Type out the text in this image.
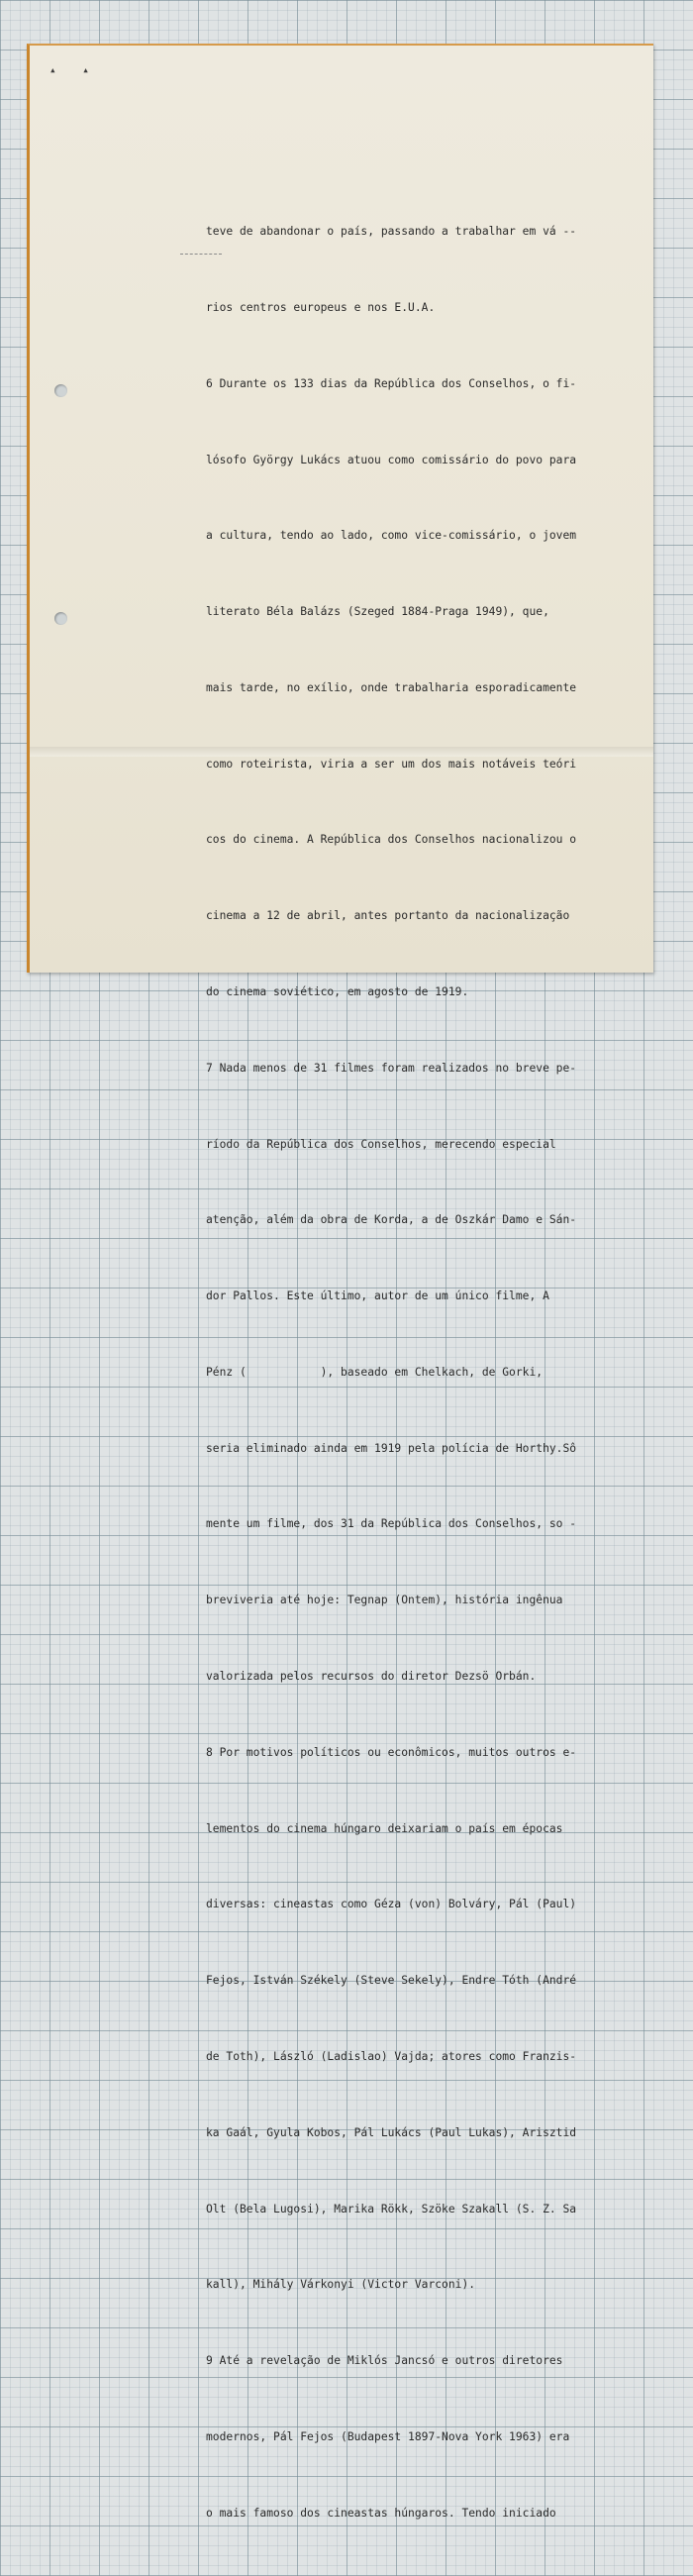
▴ ▴

teve de abandonar o país, passando a trabalhar em vá --

rios centros europeus e nos E.U.A.

6 Durante os 133 dias da República dos Conselhos, o fi-

lósofo György Lukács atuou como comissário do povo para

a cultura, tendo ao lado, como vice-comissário, o jovem

literato Béla Balázs (Szeged 1884-Praga 1949), que,

mais tarde, no exílio, onde trabalharia esporadicamente

como roteirista, viria a ser um dos mais notáveis teóri

cos do cinema. A República dos Conselhos nacionalizou o

cinema a 12 de abril, antes portanto da nacionalização

do cinema soviético, em agosto de 1919.

7 Nada menos de 31 filmes foram realizados no breve pe-

ríodo da República dos Conselhos, merecendo especial

atenção, além da obra de Korda, a de Oszkár Damo e Sán-

dor Pallos. Este último, autor de um único filme, A

Pénz (           ), baseado em Chelkach, de Gorki,

seria eliminado ainda em 1919 pela polícia de Horthy.Sô

mente um filme, dos 31 da República dos Conselhos, so -

breviveria até hoje: Tegnap (Ontem), história ingênua

valorizada pelos recursos do diretor Dezsö Orbán.

8 Por motivos políticos ou econômicos, muitos outros e-

lementos do cinema húngaro deixariam o país em épocas

diversas: cineastas como Géza (von) Bolváry, Pál (Paul)

Fejos, István Székely (Steve Sekely), Endre Tóth (André

de Toth), László (Ladislao) Vajda; atores como Franzis-

ka Gaál, Gyula Kobos, Pál Lukács (Paul Lukas), Arisztid

Olt (Bela Lugosi), Marika Rökk, Szöke Szakall (S. Z. Sa

kall), Mihály Várkonyi (Victor Varconi).

9 Até a revelação de Miklós Jancsó e outros diretores

modernos, Pál Fejos (Budapest 1897-Nova York 1963) era

o mais famoso dos cineastas húngaros. Tendo iniciado
